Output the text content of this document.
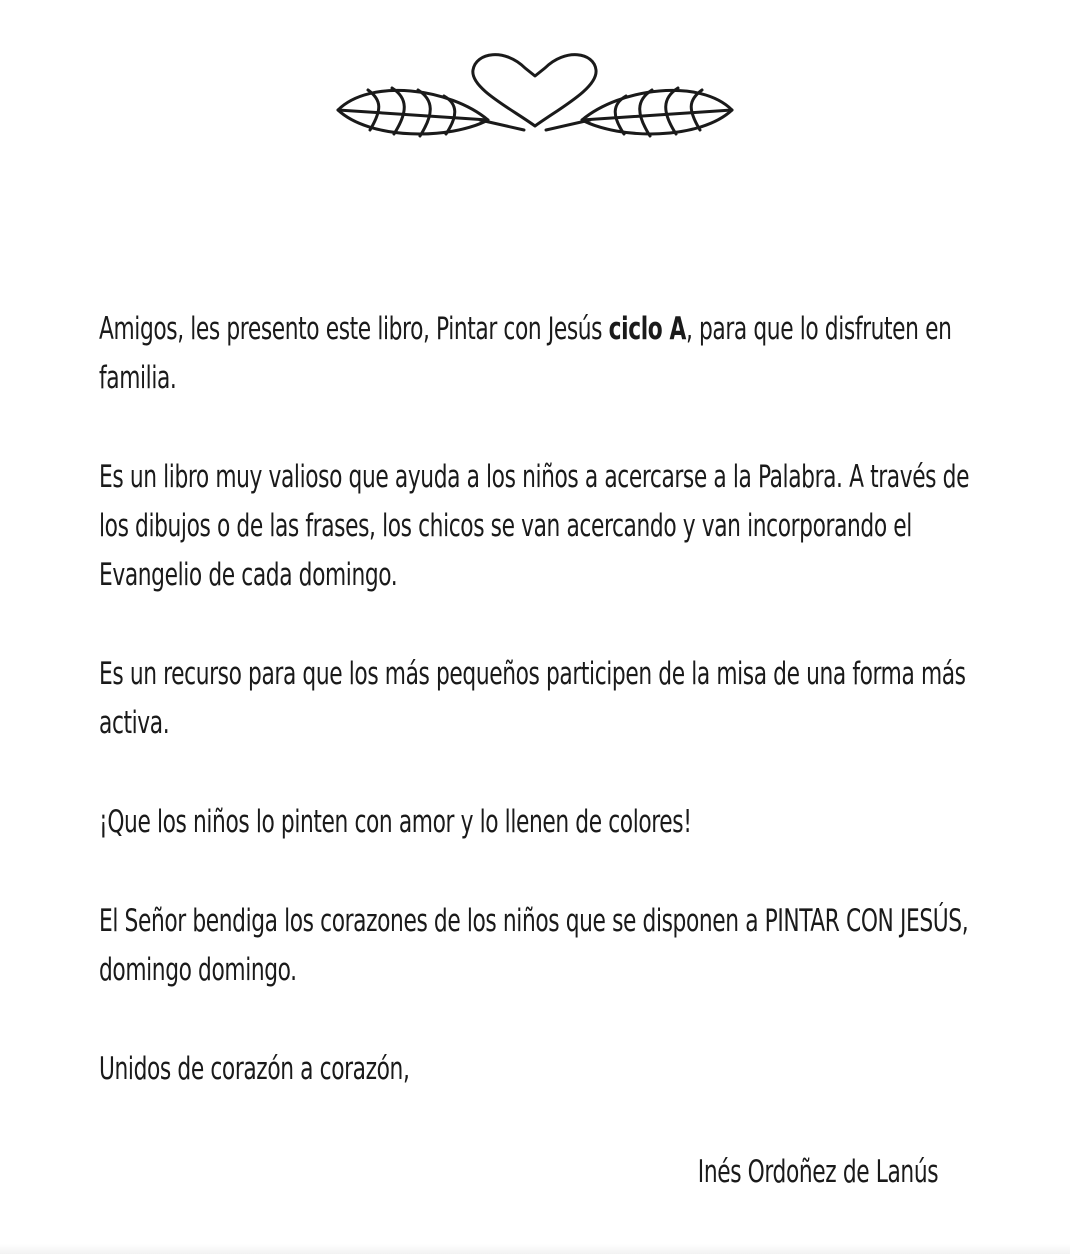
Amigos, les presento este libro, Pintar con Jesús ciclo A, para que lo disfruten en familia.

Es un libro muy valioso que ayuda a los niños a acercarse a la Palabra. A través de los dibujos o de las frases, los chicos se van acercando y van incorporando el Evangelio de cada domingo.

Es un recurso para que los más pequeños participen de la misa de una forma más activa.

¡Que los niños lo pinten con amor y lo llenen de colores!

El Señor bendiga los corazones de los niños que se disponen a PINTAR CON JESÚS, domingo domingo.

Unidos de corazón a corazón,

Inés Ordoñez de Lanús
